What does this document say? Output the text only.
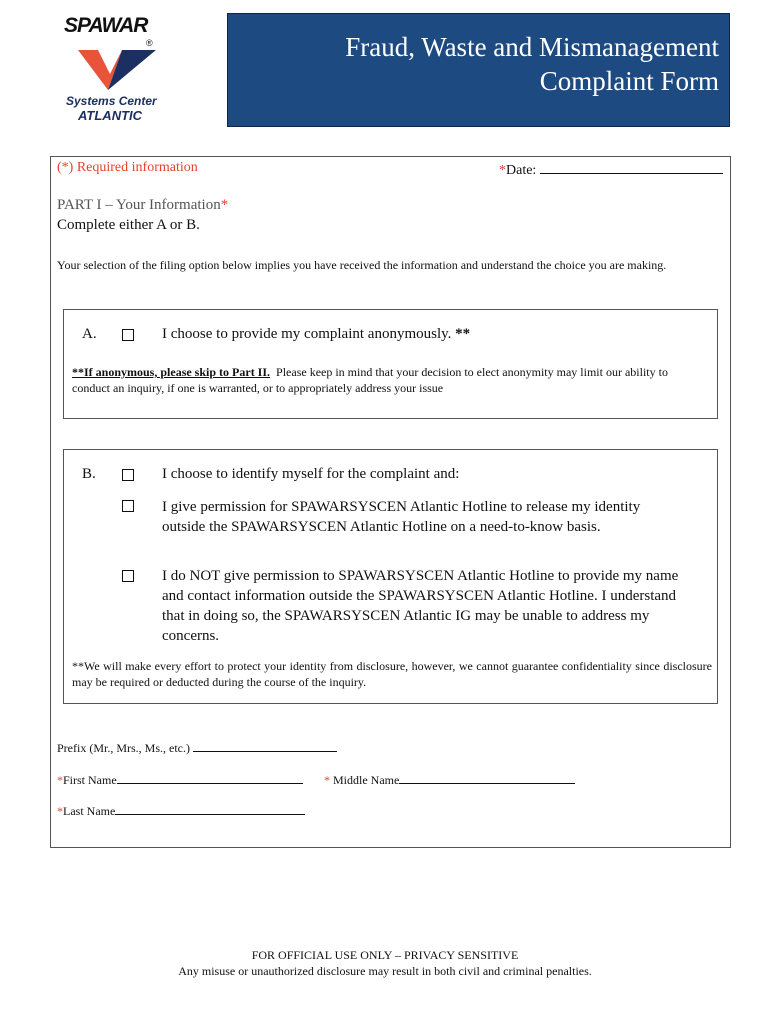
SPAWAR
®
Systems Center
ATLANTIC
Fraud, Waste and Mismanagement
Complaint Form
(*) Required information	*Date:
PART I – Your Information*
Complete either A or B.
Your selection of the filing option below implies you have received the information and understand the choice you are making.
A.	I choose to provide my complaint anonymously. **
**If anonymous, please skip to Part II. Please keep in mind that your decision to elect anonymity may limit our ability to conduct an inquiry, if one is warranted, or to appropriately address your issue
B.	I choose to identify myself for the complaint and:
I give permission for SPAWARSYSCEN Atlantic Hotline to release my identity outside the SPAWARSYSCEN Atlantic Hotline on a need-to-know basis.
I do NOT give permission to SPAWARSYSCEN Atlantic Hotline to provide my name and contact information outside the SPAWARSYSCEN Atlantic Hotline. I understand that in doing so, the SPAWARSYSCEN Atlantic IG may be unable to address my concerns.
**We will make every effort to protect your identity from disclosure, however, we cannot guarantee confidentiality since disclosure may be required or deducted during the course of the inquiry.
Prefix (Mr., Mrs., Ms., etc.)
*First Name	* Middle Name
*Last Name
FOR OFFICIAL USE ONLY – PRIVACY SENSITIVE
Any misuse or unauthorized disclosure may result in both civil and criminal penalties.
